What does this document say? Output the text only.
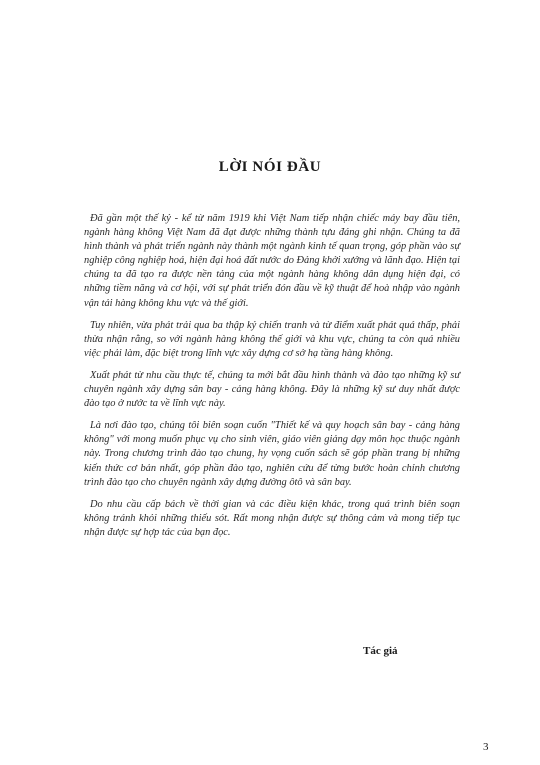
LỜI NÓI ĐẦU

Đã gần một thế kỷ - kể từ năm 1919 khi Việt Nam tiếp nhận chiếc máy bay đầu tiên, ngành hàng không Việt Nam đã đạt được những thành tựu đáng ghi nhận. Chúng ta đã hình thành và phát triển ngành này thành một ngành kinh tế quan trọng, góp phần vào sự nghiệp công nghiệp hoá, hiện đại hoá đất nước do Đảng khởi xướng và lãnh đạo. Hiện tại chúng ta đã tạo ra được nền tảng của một ngành hàng không dân dụng hiện đại, có những tiềm năng và cơ hội, với sự phát triển đón đầu về kỹ thuật để hoà nhập vào ngành vận tải hàng không khu vực và thế giới.

Tuy nhiên, vừa phát trải qua ba thập kỷ chiến tranh và từ điểm xuất phát quá thấp, phải thừa nhận rằng, so với ngành hàng không thế giới và khu vực, chúng ta còn quá nhiều việc phải làm, đặc biệt trong lĩnh vực xây dựng cơ sở hạ tầng hàng không.

Xuất phát từ nhu cầu thực tế, chúng ta mới bắt đầu hình thành và đào tạo những kỹ sư chuyên ngành xây dựng sân bay - cảng hàng không. Đây là những kỹ sư duy nhất được đào tạo ở nước ta về lĩnh vực này.

Là nơi đào tạo, chúng tôi biên soạn cuốn "Thiết kế và quy hoạch sân bay - cảng hàng không" với mong muốn phục vụ cho sinh viên, giáo viên giảng dạy môn học thuộc ngành này. Trong chương trình đào tạo chung, hy vọng cuốn sách sẽ góp phần trang bị những kiến thức cơ bản nhất, góp phần đào tạo, nghiên cứu để từng bước hoàn chỉnh chương trình đào tạo cho chuyên ngành xây dựng đường ôtô và sân bay.

Do nhu cầu cấp bách về thời gian và các điều kiện khác, trong quá trình biên soạn không tránh khỏi những thiếu sót. Rất mong nhận được sự thông cảm và mong tiếp tục nhận được sự hợp tác của bạn đọc.

Tác giả
3
